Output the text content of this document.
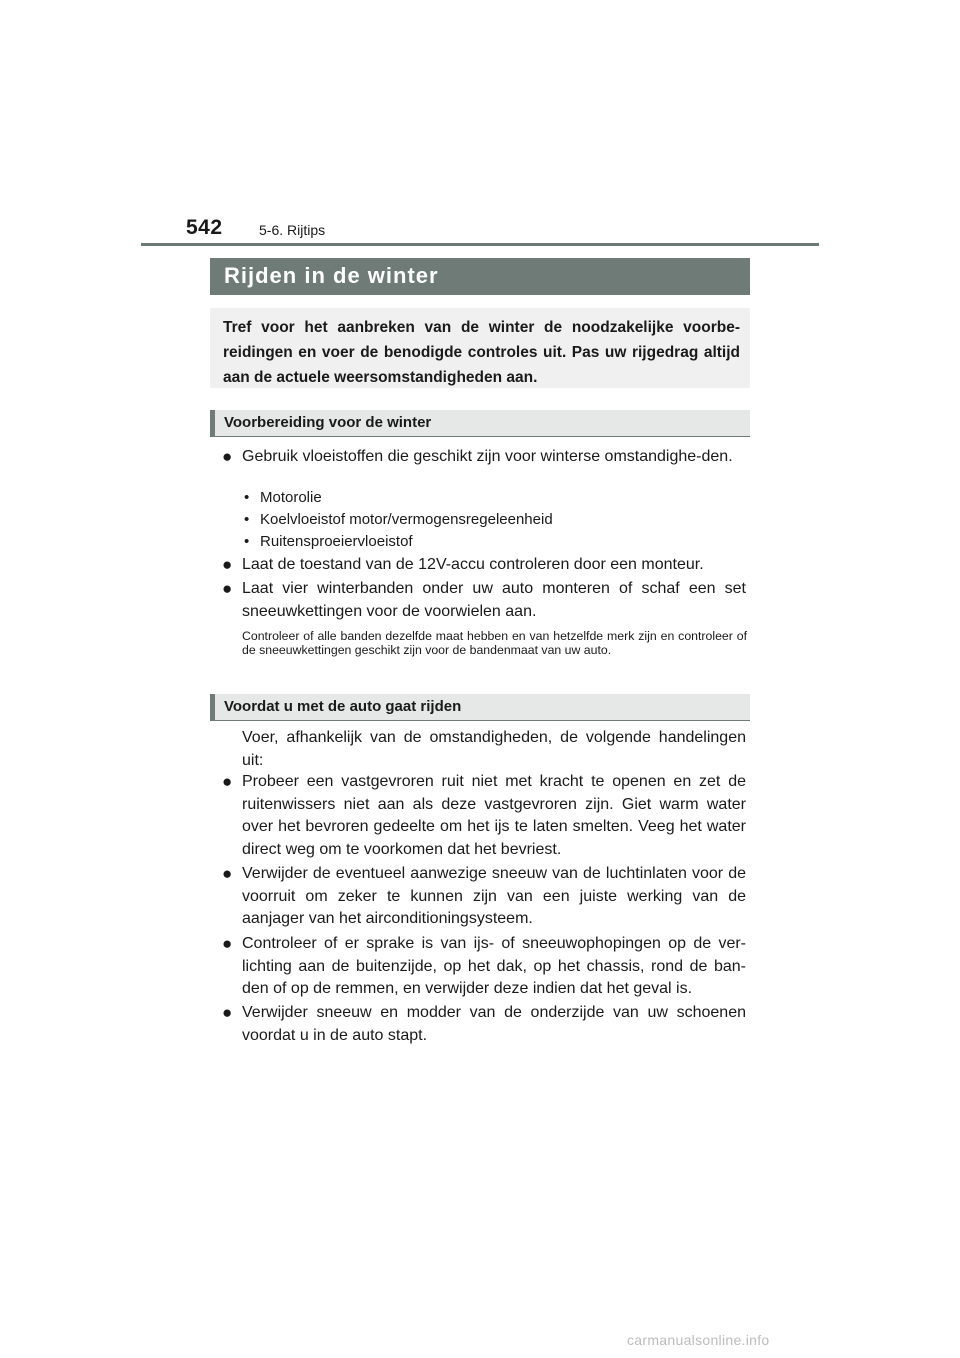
542	5-6. Rijtips
Rijden in de winter
Tref voor het aanbreken van de winter de noodzakelijke voorbe-reidingen en voer de benodigde controles uit. Pas uw rijgedrag altijd aan de actuele weersomstandigheden aan.
Voorbereiding voor de winter
● Gebruik vloeistoffen die geschikt zijn voor winterse omstandighe-den.
• Motorolie
• Koelvloeistof motor/vermogensregeleenheid
• Ruitensproeiervloeistof
● Laat de toestand van de 12V-accu controleren door een monteur.
● Laat vier winterbanden onder uw auto monteren of schaf een set sneeuwkettingen voor de voorwielen aan.
Controleer of alle banden dezelfde maat hebben en van hetzelfde merk zijn en controleer of de sneeuwkettingen geschikt zijn voor de bandenmaat van uw auto.
Voordat u met de auto gaat rijden
Voer, afhankelijk van de omstandigheden, de volgende handelingen uit:
● Probeer een vastgevroren ruit niet met kracht te openen en zet de ruitenwissers niet aan als deze vastgevroren zijn. Giet warm water over het bevroren gedeelte om het ijs te laten smelten. Veeg het water direct weg om te voorkomen dat het bevriest.
● Verwijder de eventueel aanwezige sneeuw van de luchtinlaten voor de voorruit om zeker te kunnen zijn van een juiste werking van de aanjager van het airconditioningsysteem.
● Controleer of er sprake is van ijs- of sneeuwophopingen op de ver-lichting aan de buitenzijde, op het dak, op het chassis, rond de ban-den of op de remmen, en verwijder deze indien dat het geval is.
● Verwijder sneeuw en modder van de onderzijde van uw schoenen voordat u in de auto stapt.
carmanualsonline.info
